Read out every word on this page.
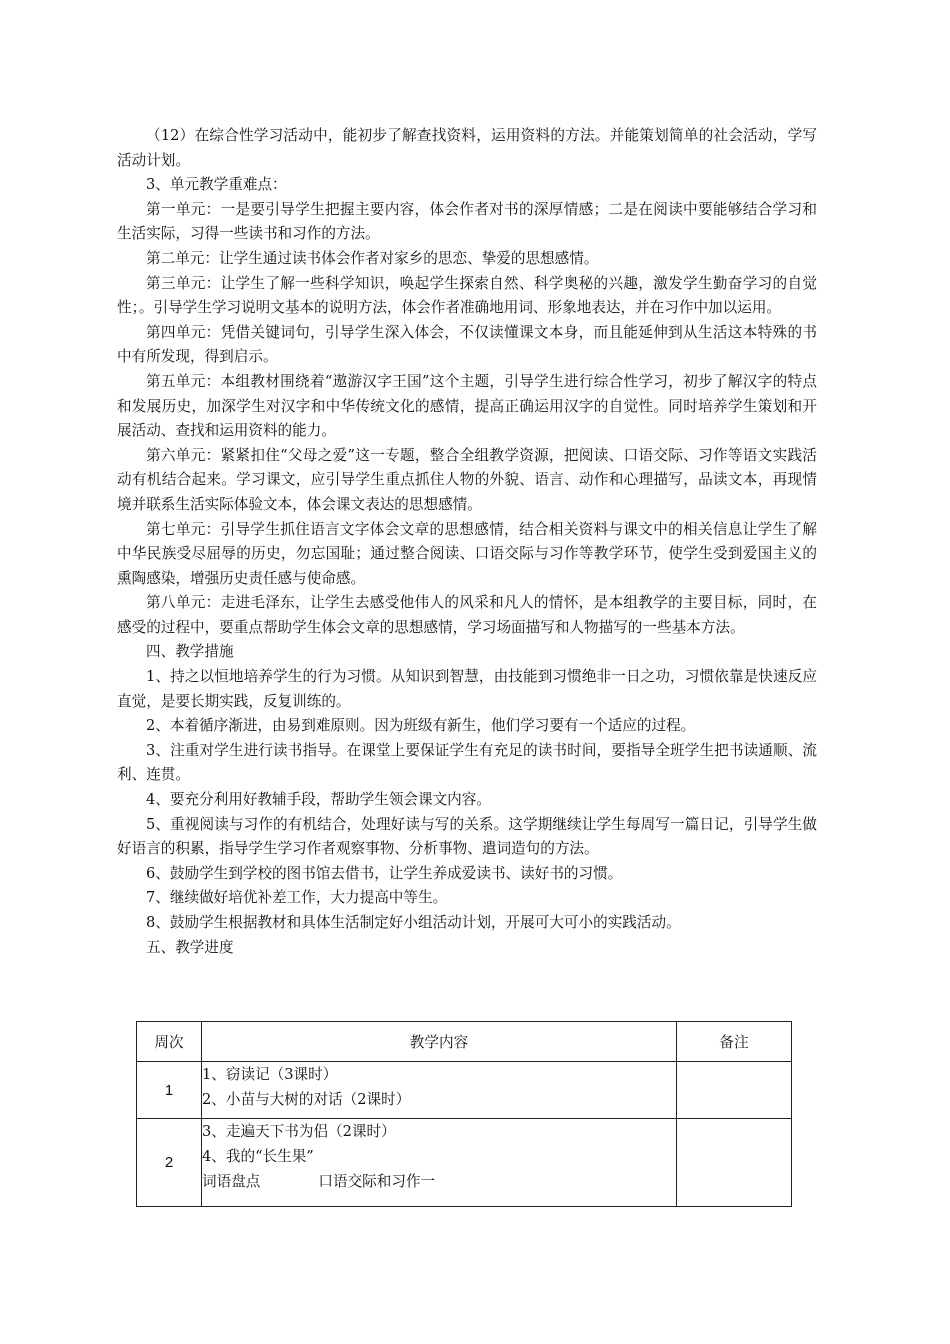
（12）在综合性学习活动中，能初步了解查找资料，运用资料的方法。并能策划简单的社会活动，学写活动计划。

3、单元教学重难点：

第一单元：一是要引导学生把握主要内容，体会作者对书的深厚情感；二是在阅读中要能够结合学习和生活实际，习得一些读书和习作的方法。

第二单元：让学生通过读书体会作者对家乡的思恋、挚爱的思想感情。

第三单元：让学生了解一些科学知识，唤起学生探索自然、科学奥秘的兴趣，激发学生勤奋学习的自觉性；。引导学生学习说明文基本的说明方法，体会作者准确地用词、形象地表达，并在习作中加以运用。

第四单元：凭借关键词句，引导学生深入体会，不仅读懂课文本身，而且能延伸到从生活这本特殊的书中有所发现，得到启示。

第五单元：本组教材围绕着“遨游汉字王国”这个主题，引导学生进行综合性学习，初步了解汉字的特点和发展历史，加深学生对汉字和中华传统文化的感情，提高正确运用汉字的自觉性。同时培养学生策划和开展活动、查找和运用资料的能力。

第六单元：紧紧扣住“父母之爱”这一专题，整合全组教学资源，把阅读、口语交际、习作等语文实践活动有机结合起来。学习课文，应引导学生重点抓住人物的外貌、语言、动作和心理描写，品读文本，再现情境并联系生活实际体验文本，体会课文表达的思想感情。

第七单元：引导学生抓住语言文字体会文章的思想感情，结合相关资料与课文中的相关信息让学生了解中华民族受尽屈辱的历史，勿忘国耻；通过整合阅读、口语交际与习作等教学环节，使学生受到爱国主义的熏陶感染，增强历史责任感与使命感。

第八单元：走进毛泽东，让学生去感受他伟人的风采和凡人的情怀，是本组教学的主要目标，同时，在感受的过程中，要重点帮助学生体会文章的思想感情，学习场面描写和人物描写的一些基本方法。

四、教学措施

1、持之以恒地培养学生的行为习惯。从知识到智慧，由技能到习惯绝非一日之功，习惯依靠是快速反应直觉，是要长期实践，反复训练的。

2、本着循序渐进，由易到难原则。因为班级有新生，他们学习要有一个适应的过程。

3、注重对学生进行读书指导。在课堂上要保证学生有充足的读书时间，要指导全班学生把书读通顺、流利、连贯。

4、要充分利用好教辅手段，帮助学生领会课文内容。

5、重视阅读与习作的有机结合，处理好读与写的关系。这学期继续让学生每周写一篇日记，引导学生做好语言的积累，指导学生学习作者观察事物、分析事物、遣词造句的方法。

6、鼓励学生到学校的图书馆去借书，让学生养成爱读书、读好书的习惯。

7、继续做好培优补差工作，大力提高中等生。

8、鼓励学生根据教材和具体生活制定好小组活动计划，开展可大可小的实践活动。

五、教学进度

周次	教学内容	备注
1	1、窃读记（3课时）
2、小苗与大树的对话（2课时）	

2	3、走遍天下书为侣（2课时）
4、我的“长生果”
词语盘点 口语交际和习作一	
